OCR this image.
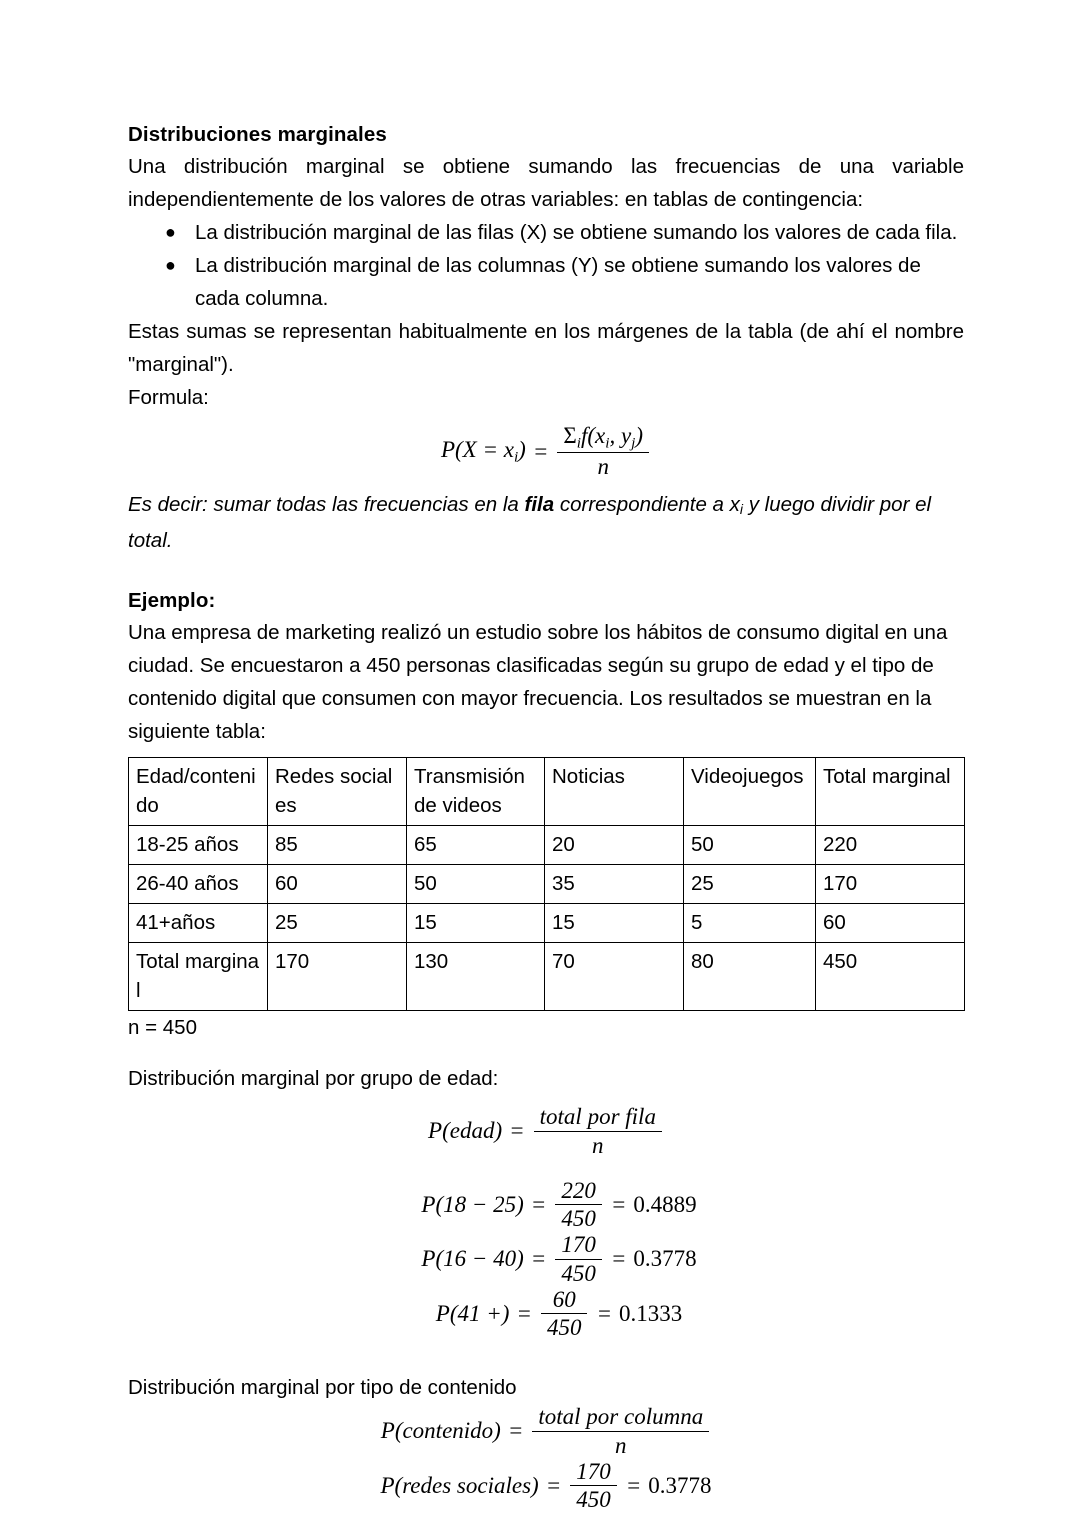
Distribuciones marginales

Una distribución marginal se obtiene sumando las frecuencias de una variable independientemente de los valores de otras variables: en tablas de contingencia:

● La distribución marginal de las filas (X) se obtiene sumando los valores de cada fila.
● La distribución marginal de las columnas (Y) se obtiene sumando los valores de cada columna.

Estas sumas se representan habitualmente en los márgenes de la tabla (de ahí el nombre "marginal").

Formula:

$P(X = x_i) = \frac{\Sigma_if(x_i, y_j)}{n}$

Es decir: sumar todas las frecuencias en la fila correspondiente a $x_i$ y luego dividir por el total.

Ejemplo:

Una empresa de marketing realizó un estudio sobre los hábitos de consumo digital en una ciudad. Se encuestaron a 450 personas clasificadas según su grupo de edad y el tipo de contenido digital que consumen con mayor frecuencia. Los resultados se muestran en la siguiente tabla:

Edad/contenido	Redes sociales	Transmisión de videos	Noticias	Videojuegos	Total marginal
18-25 años	85	65	20	50	220
26-40 años	60	50	35	25	170
41+años	25	15	15	5	60
Total marginal	170	130	70	80	450

n = 450

Distribución marginal por grupo de edad:

P(edad) = $\frac{\text{total por fila}}{n}$
$P(18 - 25) = \frac{220}{450} = 0.4889$
$P(16 - 40) = \frac{170}{450} = 0.3778$
P(41 +) = $\frac{60}{450} = 0.1333$

Distribución marginal por tipo de contenido

P(contenido) = $\frac{\text{total por columna}}{n}$
P(redes sociales) = $\frac{170}{450} = 0.3778$
